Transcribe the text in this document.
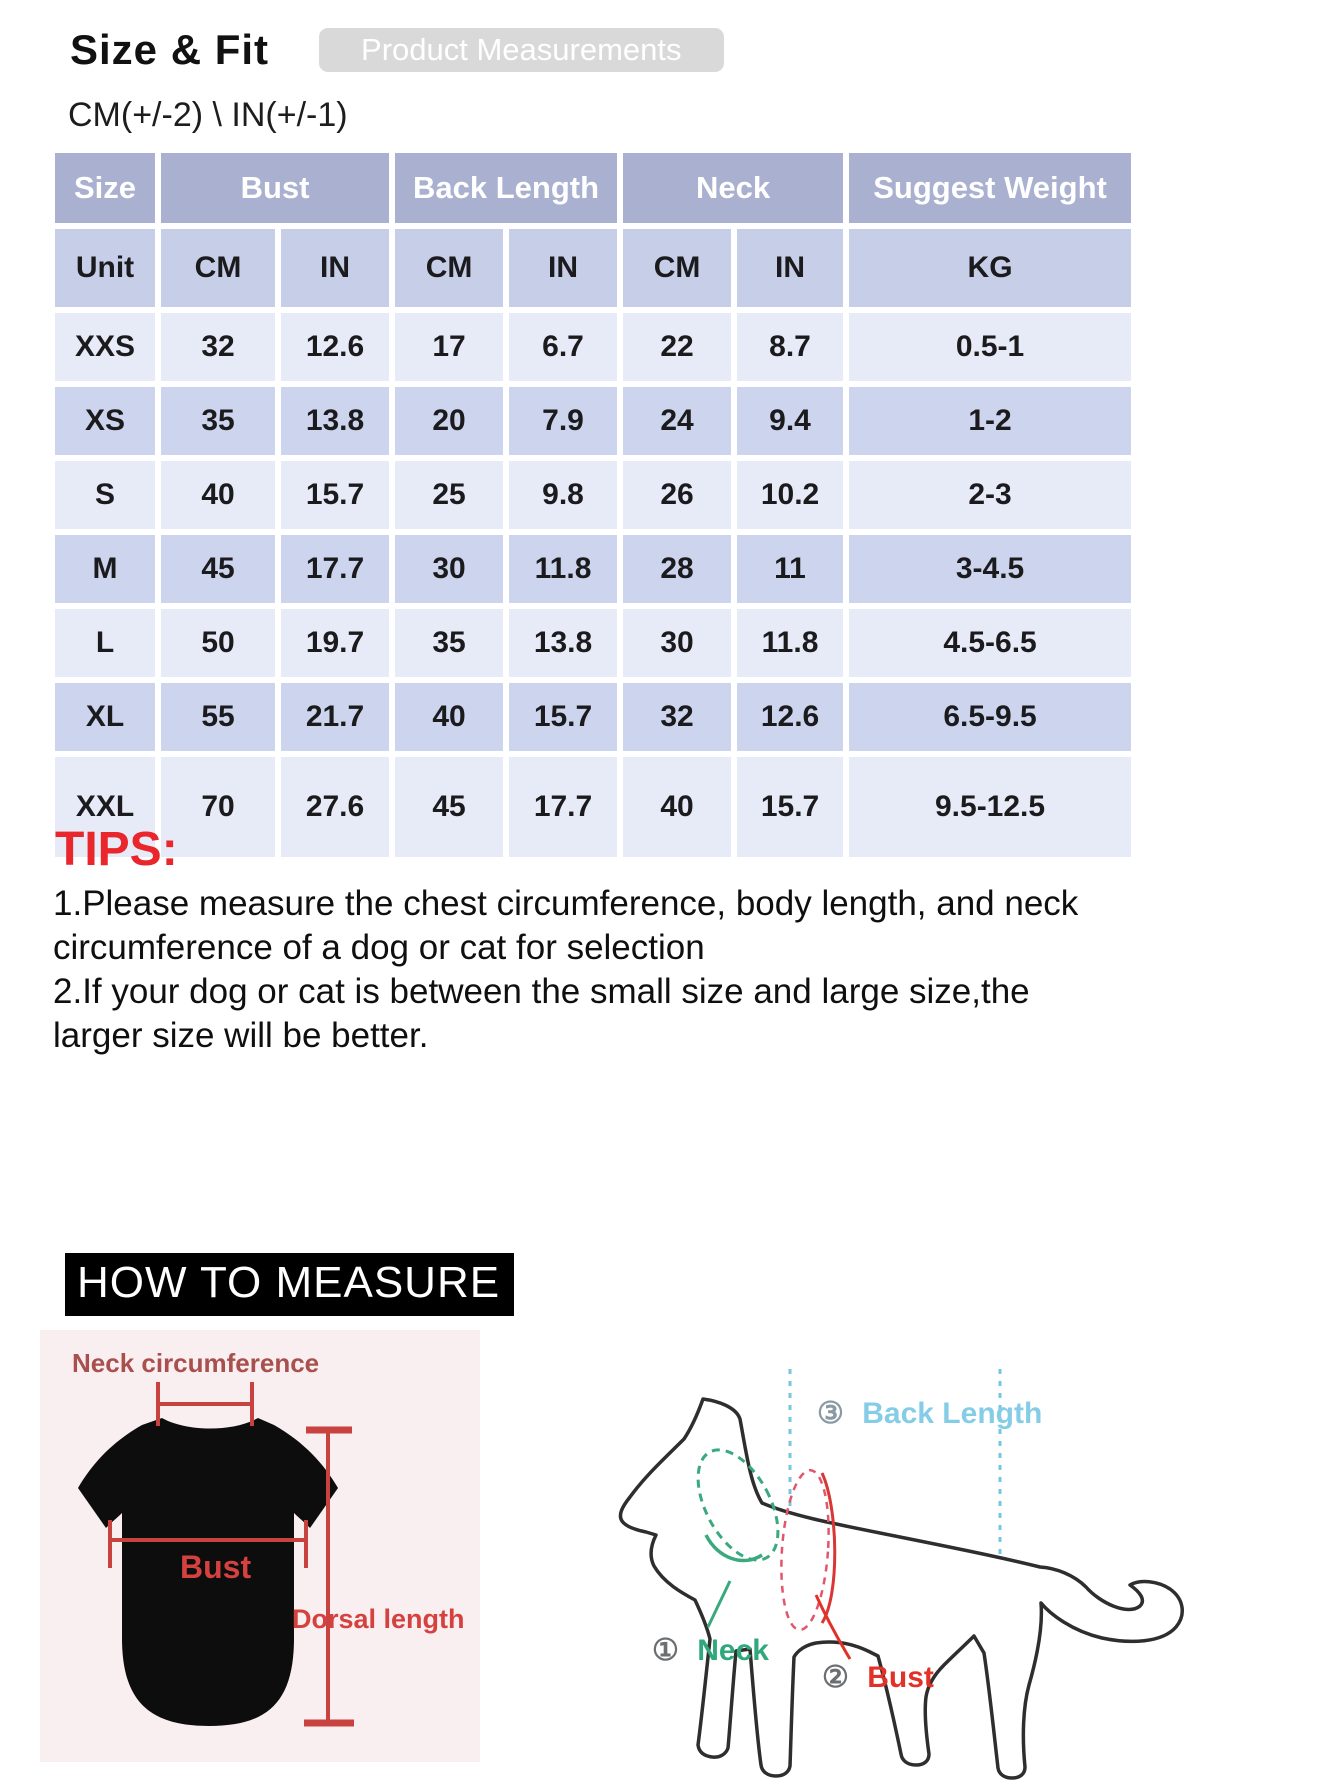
Size & Fit	Product Measurements
CM(+/-2) \ IN(+/-1)
Size	Bust		Back Length		Neck		Suggest Weight
Unit	CM	IN	CM	IN	CM	IN	KG
XXS	32	12.6	17	6.7	22	8.7	0.5-1
XS	35	13.8	20	7.9	24	9.4	1-2
S	40	15.7	25	9.8	26	10.2	2-3
M	45	17.7	30	11.8	28	11	3-4.5
L	50	19.7	35	13.8	30	11.8	4.5-6.5
XL	55	21.7	40	15.7	32	12.6	6.5-9.5
XXL	70	27.6	45	17.7	40	15.7	9.5-12.5
TIPS:

1.Please measure the chest circumference, body length, and neck circumference of a dog or cat for selection

2.If your dog or cat is between the small size and large size,the larger size will be better.

HOW TO MEASURE
Neck circumference
Bust
Dorsal length
③ Back Length
① Neck
② Bust
